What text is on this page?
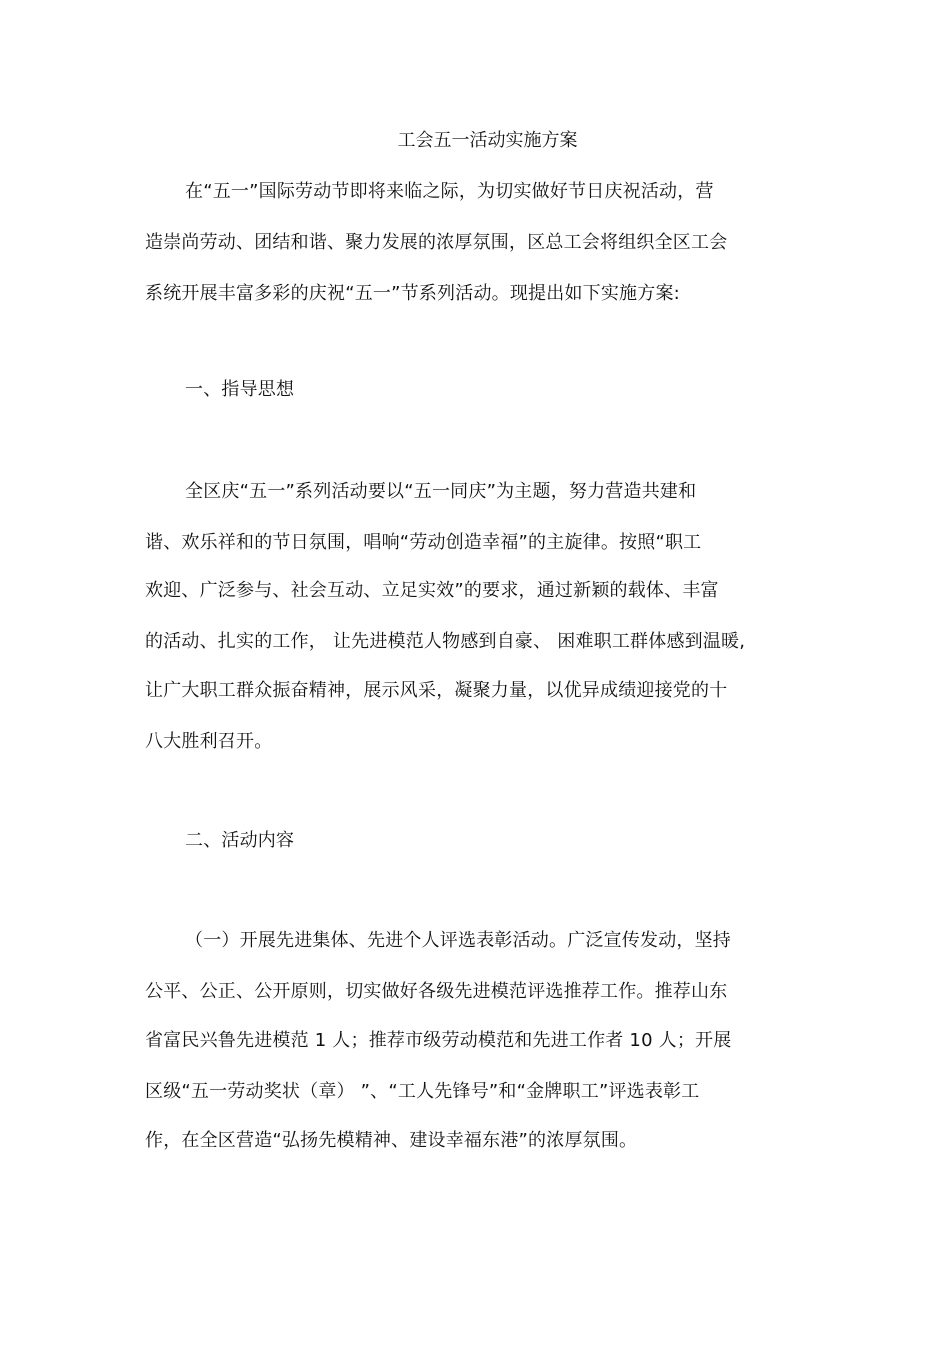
工会五一活动实施方案
在“五一”国际劳动节即将来临之际，为切实做好节日庆祝活动，营
造崇尚劳动、团结和谐、聚力发展的浓厚氛围，区总工会将组织全区工会
系统开展丰富多彩的庆祝“五一”节系列活动。现提出如下实施方案:
一、指导思想
全区庆“五一”系列活动要以“五一同庆”为主题，努力营造共建和
谐、欢乐祥和的节日氛围，唱响“劳动创造幸福”的主旋律。按照“职工
欢迎、广泛参与、社会互动、立足实效”的要求，通过新颖的载体、丰富
的活动、扎实的工作， 让先进模范人物感到自豪、 困难职工群体感到温暖,
让广大职工群众振奋精神，展示风采，凝聚力量，以优异成绩迎接党的十
八大胜利召开。
二、活动内容
（一）开展先进集体、先进个人评选表彰活动。广泛宣传发动，坚持
公平、公正、公开原则，切实做好各级先进模范评选推荐工作。推荐山东
省富民兴鲁先进模范 1 人；推荐市级劳动模范和先进工作者 10 人；开展
区级“五一劳动奖状（章） ”、“工人先锋号”和“金牌职工”评选表彰工
作，在全区营造“弘扬先模精神、建设幸福东港”的浓厚氛围。
